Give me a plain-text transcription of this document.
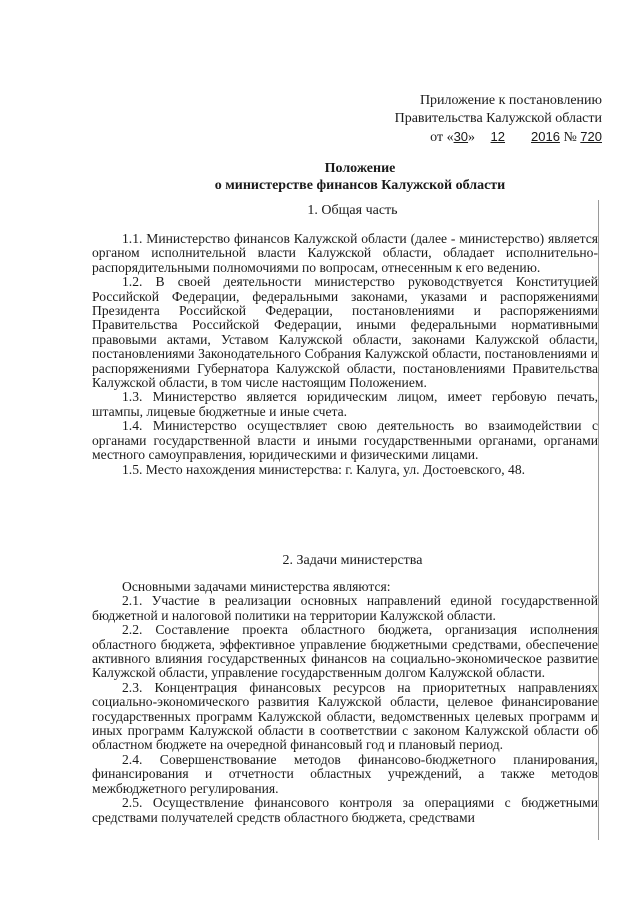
Приложение к постановлению
Правительства Калужской области
от «30» 12 2016 № 720
Положение
о министерстве финансов Калужской области
1. Общая часть

1.1. Министерство финансов Калужской области (далее - министерство) является органом исполнительной власти Калужской области, обладает исполнительно-распорядительными полномочиями по вопросам, отнесенным к его ведению.

1.2. В своей деятельности министерство руководствуется Конституцией Российской Федерации, федеральными законами, указами и распоряжениями Президента Российской Федерации, постановлениями и распоряжениями Правительства Российской Федерации, иными федеральными нормативными правовыми актами, Уставом Калужской области, законами Калужской области, постановлениями Законодательного Собрания Калужской области, постановлениями и распоряжениями Губернатора Калужской области, постановлениями Правительства Калужской области, в том числе настоящим Положением.

1.3. Министерство является юридическим лицом, имеет гербовую печать, штампы, лицевые бюджетные и иные счета.

1.4. Министерство осуществляет свою деятельность во взаимодействии с органами государственной власти и иными государственными органами, органами местного самоуправления, юридическими и физическими лицами.

1.5. Место нахождения министерства: г. Калуга, ул. Достоевского, 48.

2. Задачи министерства

Основными задачами министерства являются:

2.1. Участие в реализации основных направлений единой государственной бюджетной и налоговой политики на территории Калужской области.

2.2. Составление проекта областного бюджета, организация исполнения областного бюджета, эффективное управление бюджетными средствами, обеспечение активного влияния государственных финансов на социально-экономическое развитие Калужской области, управление государственным долгом Калужской области.

2.3. Концентрация финансовых ресурсов на приоритетных направлениях социально-экономического развития Калужской области, целевое финансирование государственных программ Калужской области, ведомственных целевых программ и иных программ Калужской области в соответствии с законом Калужской области об областном бюджете на очередной финансовый год и плановый период.

2.4. Совершенствование методов финансово-бюджетного планирования, финансирования и отчетности областных учреждений, а также методов межбюджетного регулирования.

2.5. Осуществление финансового контроля за операциями с бюджетными средствами получателей средств областного бюджета, средствами
